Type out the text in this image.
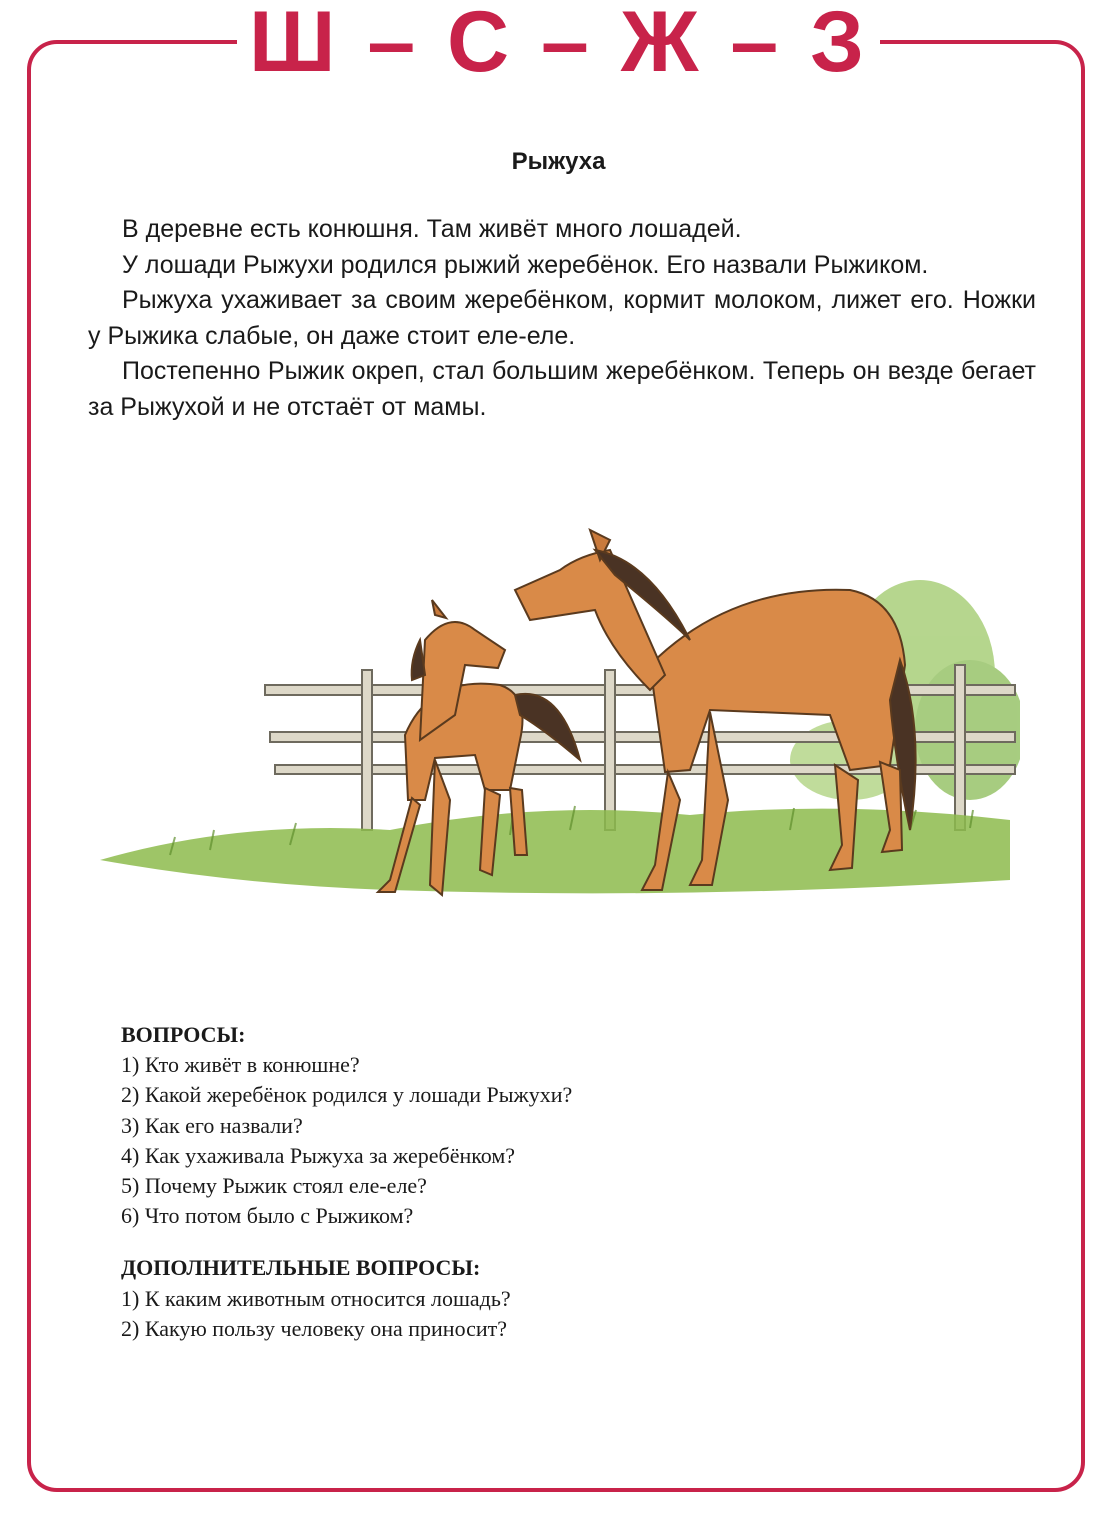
Ш – С – Ж – З
Рыжуха

В деревне есть конюшня. Там живёт много лошадей.

У лошади Рыжухи родился рыжий жеребёнок. Его назвали Рыжиком.

Рыжуха ухаживает за своим жеребёнком, кормит молоком, лижет его. Ножки у Рыжика слабые, он даже стоит еле-еле.

Постепенно Рыжик окреп, стал большим жеребёнком. Теперь он везде бегает за Рыжухой и не отстаёт от мамы.

ВОПРОСЫ:
1) Кто живёт в конюшне?
2) Какой жеребёнок родился у лошади Рыжухи?
3) Как его назвали?
4) Как ухаживала Рыжуха за жеребёнком?
5) Почему Рыжик стоял еле-еле?
6) Что потом было с Рыжиком?
ДОПОЛНИТЕЛЬНЫЕ ВОПРОСЫ:
1) К каким животным относится лошадь?
2) Какую пользу человеку она приносит?
